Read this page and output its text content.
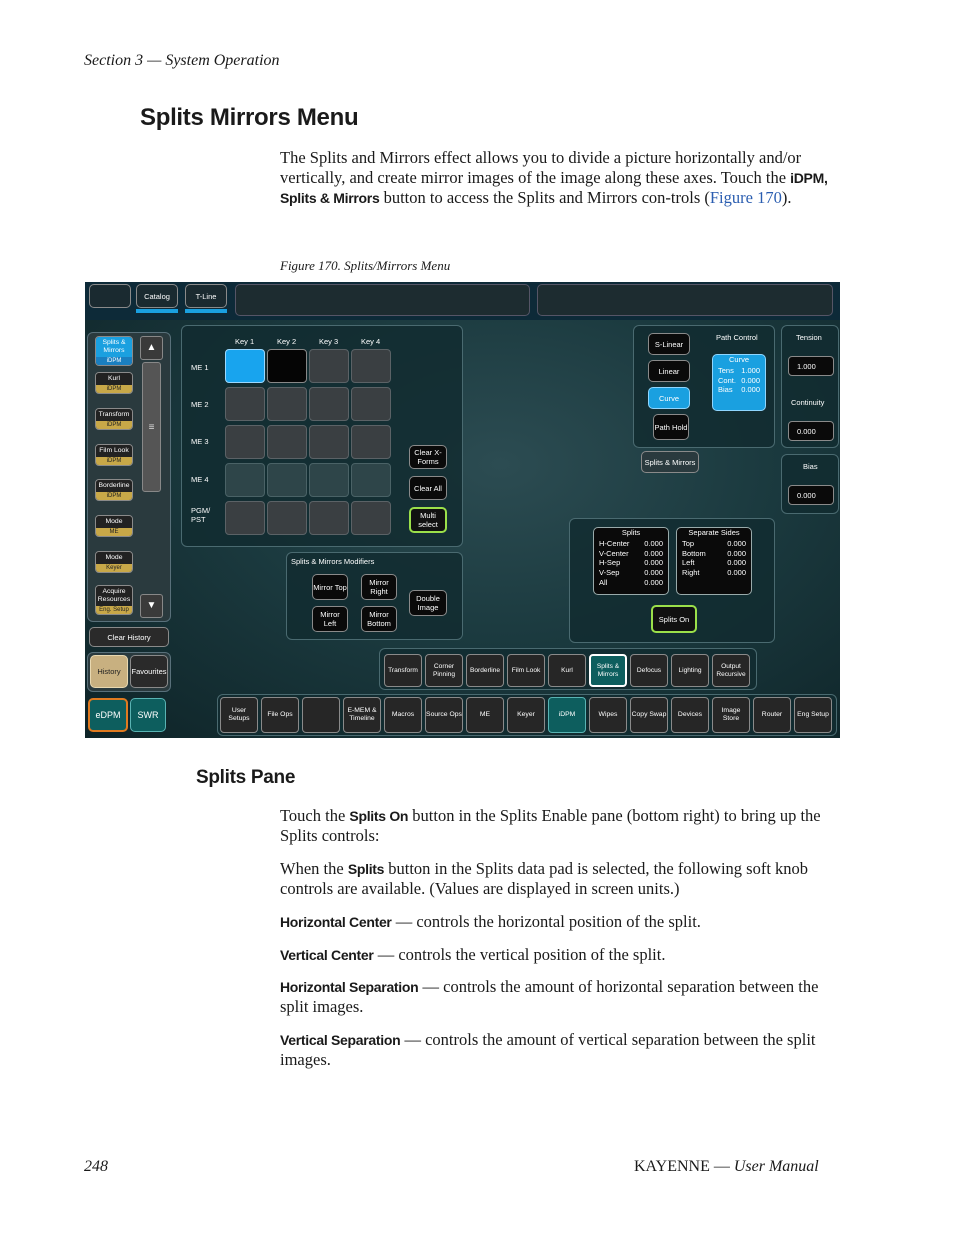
Section 3 — System Operation
Splits Mirrors Menu
The Splits and Mirrors effect allows you to divide a picture horizontally and/or vertically, and create mirror images of the image along these axes. Touch the iDPM, Splits & Mirrors button to access the Splits and Mirrors con-trols (Figure 170).
Figure 170. Splits/Mirrors Menu
Catalog	T-Line
▲
≡
▼
Clear History
History	Favourites
eDPM	SWR
Clear X-Forms
Clear All
Multi select
Splits & Mirrors Modifiers
Mirror Top	Mirror Right
Mirror Left
Mirror Bottom
Double Image
Path Control
S-Linear
Linear
Curve
Path Hold
Splits & Mirrors
Curve
Tens 1.000
Cont. 0.000
Bias 0.000
Tension
1.000
Continuity
0.000
Bias
0.000
Splits
H-Center 0.000
V-Center 0.000
H-Sep	0.000
V-Sep	0.000
All	0.000
Separate Sides
Top	0.000
Bottom	0.000
Left	0.000
Right	0.000
Splits On
Splits & Mirrors
iDPM
Kurl
iDPM
Transform
iDPM
Film Look
iDPM
Borderline
iDPM
Mode
ME
Mode
Keyer
Acquire Resources
Eng. Setup
Key 1	Key 2	Key 3	Key 4
ME 1
ME 2
ME 3
ME 4
PGM/ PST
Transform
Corner Pinning
Borderline	Film Look	Kurl
Splits & Mirrors
Defocus	Lighting
Output Recursive
User Setups
File Ops
E-MEM & Timeline
Macros	Source Ops	ME	Keyer	iDPM	Wipes	Copy Swap	Devices
Image Store
Router	Eng Setup
Splits Pane
Touch the Splits On button in the Splits Enable pane (bottom right) to bring up the Splits controls:
When the Splits button in the Splits data pad is selected, the following soft knob controls are available. (Values are displayed in screen units.)
Horizontal Center — controls the horizontal position of the split.
Vertical Center — controls the vertical position of the split.
Horizontal Separation — controls the amount of horizontal separation between the split images.
Vertical Separation — controls the amount of vertical separation between the split images.
248	KAYENNE — User Manual
